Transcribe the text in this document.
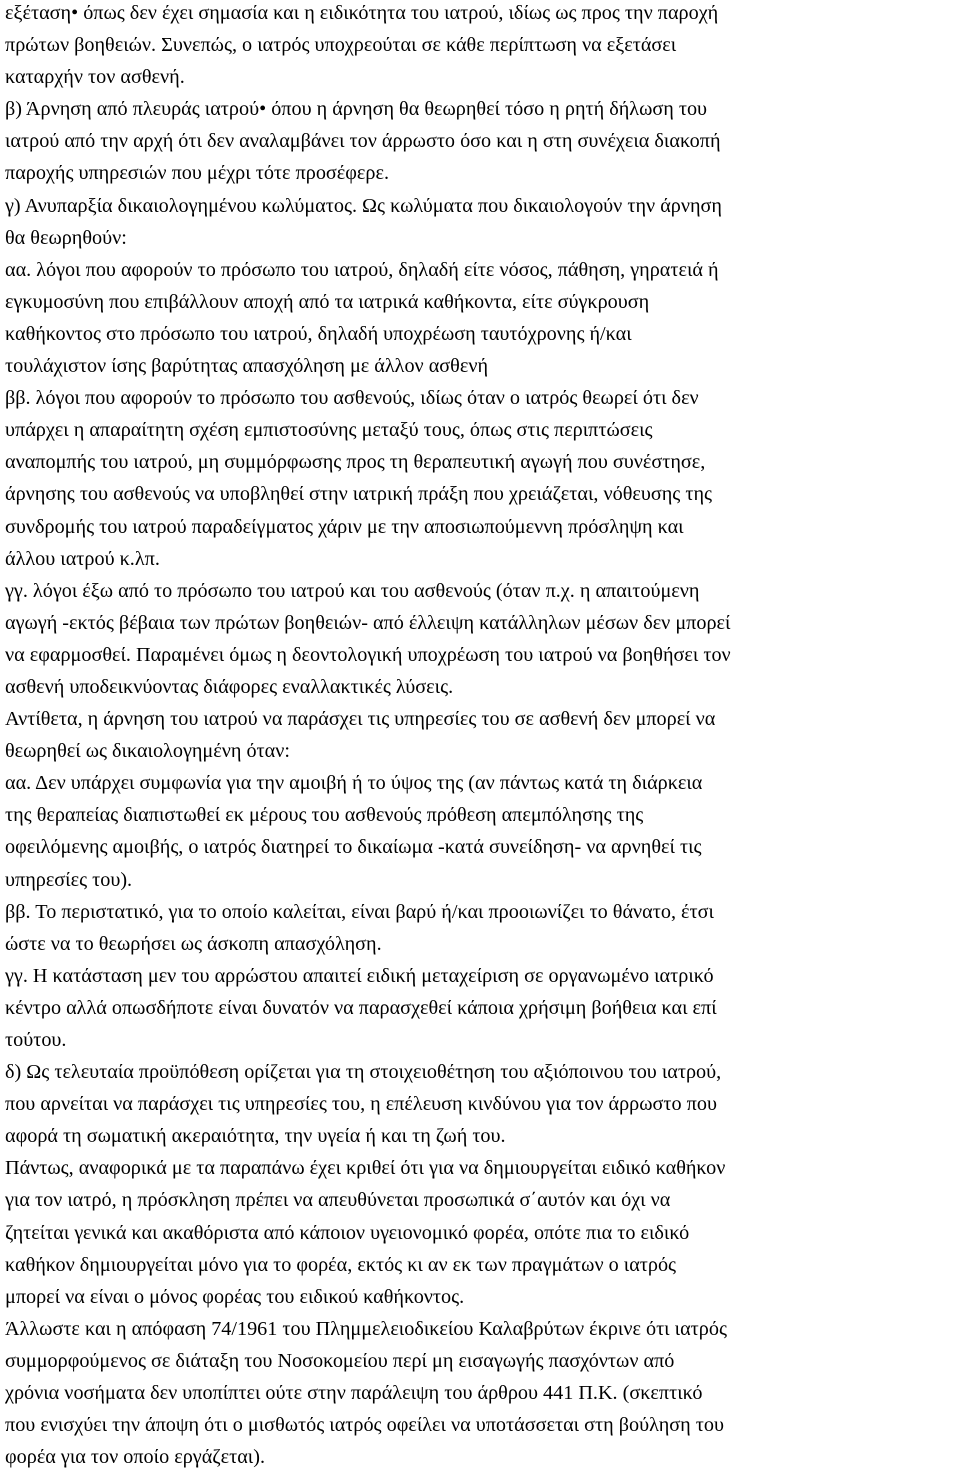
εξέταση• όπως δεν έχει σημασία και η ειδικότητα του ιατρού, ιδίως ως προς την παροχή
πρώτων βοηθειών. Συνεπώς, ο ιατρός υποχρεούται σε κάθε περίπτωση να εξετάσει
καταρχήν τον ασθενή.

β) Άρνηση από πλευράς ιατρού• όπου η άρνηση θα θεωρηθεί τόσο η ρητή δήλωση του
ιατρού από την αρχή ότι δεν αναλαμβάνει τον άρρωστο όσο και η στη συνέχεια διακοπή
παροχής υπηρεσιών που μέχρι τότε προσέφερε.

γ) Ανυπαρξία δικαιολογημένου κωλύματος. Ως κωλύματα που δικαιολογούν την άρνηση
θα θεωρηθούν:

αα. λόγοι που αφορούν το πρόσωπο του ιατρού, δηλαδή είτε νόσος, πάθηση, γηρατειά ή
εγκυμοσύνη που επιβάλλουν αποχή από τα ιατρικά καθήκοντα, είτε σύγκρουση
καθήκοντος στο πρόσωπο του ιατρού, δηλαδή υποχρέωση ταυτόχρονης ή/και
τουλάχιστον ίσης βαρύτητας απασχόληση με άλλον ασθενή

ββ. λόγοι που αφορούν το πρόσωπο του ασθενούς, ιδίως όταν ο ιατρός θεωρεί ότι δεν
υπάρχει η απαραίτητη σχέση εμπιστοσύνης μεταξύ τους, όπως στις περιπτώσεις
αναπομπής του ιατρού, μη συμμόρφωσης προς τη θεραπευτική αγωγή που συνέστησε,
άρνησης του ασθενούς να υποβληθεί στην ιατρική πράξη που χρειάζεται, νόθευσης της
συνδρομής του ιατρού παραδείγματος χάριν με την αποσιωπούμεννη πρόσληψη και
άλλου ιατρού κ.λπ.

γγ. λόγοι έξω από το πρόσωπο του ιατρού και του ασθενούς (όταν π.χ. η απαιτούμενη
αγωγή -εκτός βέβαια των πρώτων βοηθειών- από έλλειψη κατάλληλων μέσων δεν μπορεί
να εφαρμοσθεί. Παραμένει όμως η δεοντολογική υποχρέωση του ιατρού να βοηθήσει τον
ασθενή υποδεικνύοντας διάφορες εναλλακτικές λύσεις.

Αντίθετα, η άρνηση του ιατρού να παράσχει τις υπηρεσίες του σε ασθενή δεν μπορεί να
θεωρηθεί ως δικαιολογημένη όταν:

αα. Δεν υπάρχει συμφωνία για την αμοιβή ή το ύψος της (αν πάντως κατά τη διάρκεια
της θεραπείας διαπιστωθεί εκ μέρους του ασθενούς πρόθεση απεμπόλησης της
οφειλόμενης αμοιβής, ο ιατρός διατηρεί το δικαίωμα -κατά συνείδηση- να αρνηθεί τις
υπηρεσίες του).

ββ. Το περιστατικό, για το οποίο καλείται, είναι βαρύ ή/και προοιωνίζει το θάνατο, έτσι
ώστε να το θεωρήσει ως άσκοπη απασχόληση.

γγ. Η κατάσταση μεν του αρρώστου απαιτεί ειδική μεταχείριση σε οργανωμένο ιατρικό
κέντρο αλλά οπωσδήποτε είναι δυνατόν να παρασχεθεί κάποια χρήσιμη βοήθεια και επί
τούτου.

δ) Ως τελευταία προϋπόθεση ορίζεται για τη στοιχειοθέτηση του αξιόποινου του ιατρού,
που αρνείται να παράσχει τις υπηρεσίες του, η επέλευση κινδύνου για τον άρρωστο που
αφορά τη σωματική ακεραιότητα, την υγεία ή και τη ζωή του.

Πάντως, αναφορικά με τα παραπάνω έχει κριθεί ότι για να δημιουργείται ειδικό καθήκον
για τον ιατρό, η πρόσκληση πρέπει να απευθύνεται προσωπικά σ΄αυτόν και όχι να
ζητείται γενικά και ακαθόριστα από κάποιον υγειονομικό φορέα, οπότε πια το ειδικό
καθήκον δημιουργείται μόνο για το φορέα, εκτός κι αν εκ των πραγμάτων ο ιατρός
μπορεί να είναι ο μόνος φορέας του ειδικού καθήκοντος.

Άλλωστε και η απόφαση 74/1961 του Πλημμελειοδικείου Καλαβρύτων έκρινε ότι ιατρός
συμμορφούμενος σε διάταξη του Νοσοκομείου περί μη εισαγωγής πασχόντων από
χρόνια νοσήματα δεν υποπίπτει ούτε στην παράλειψη του άρθρου 441 Π.Κ. (σκεπτικό
που ενισχύει την άποψη ότι ο μισθωτός ιατρός οφείλει να υποτάσσεται στη βούληση του
φορέα για τον οποίο εργάζεται).
